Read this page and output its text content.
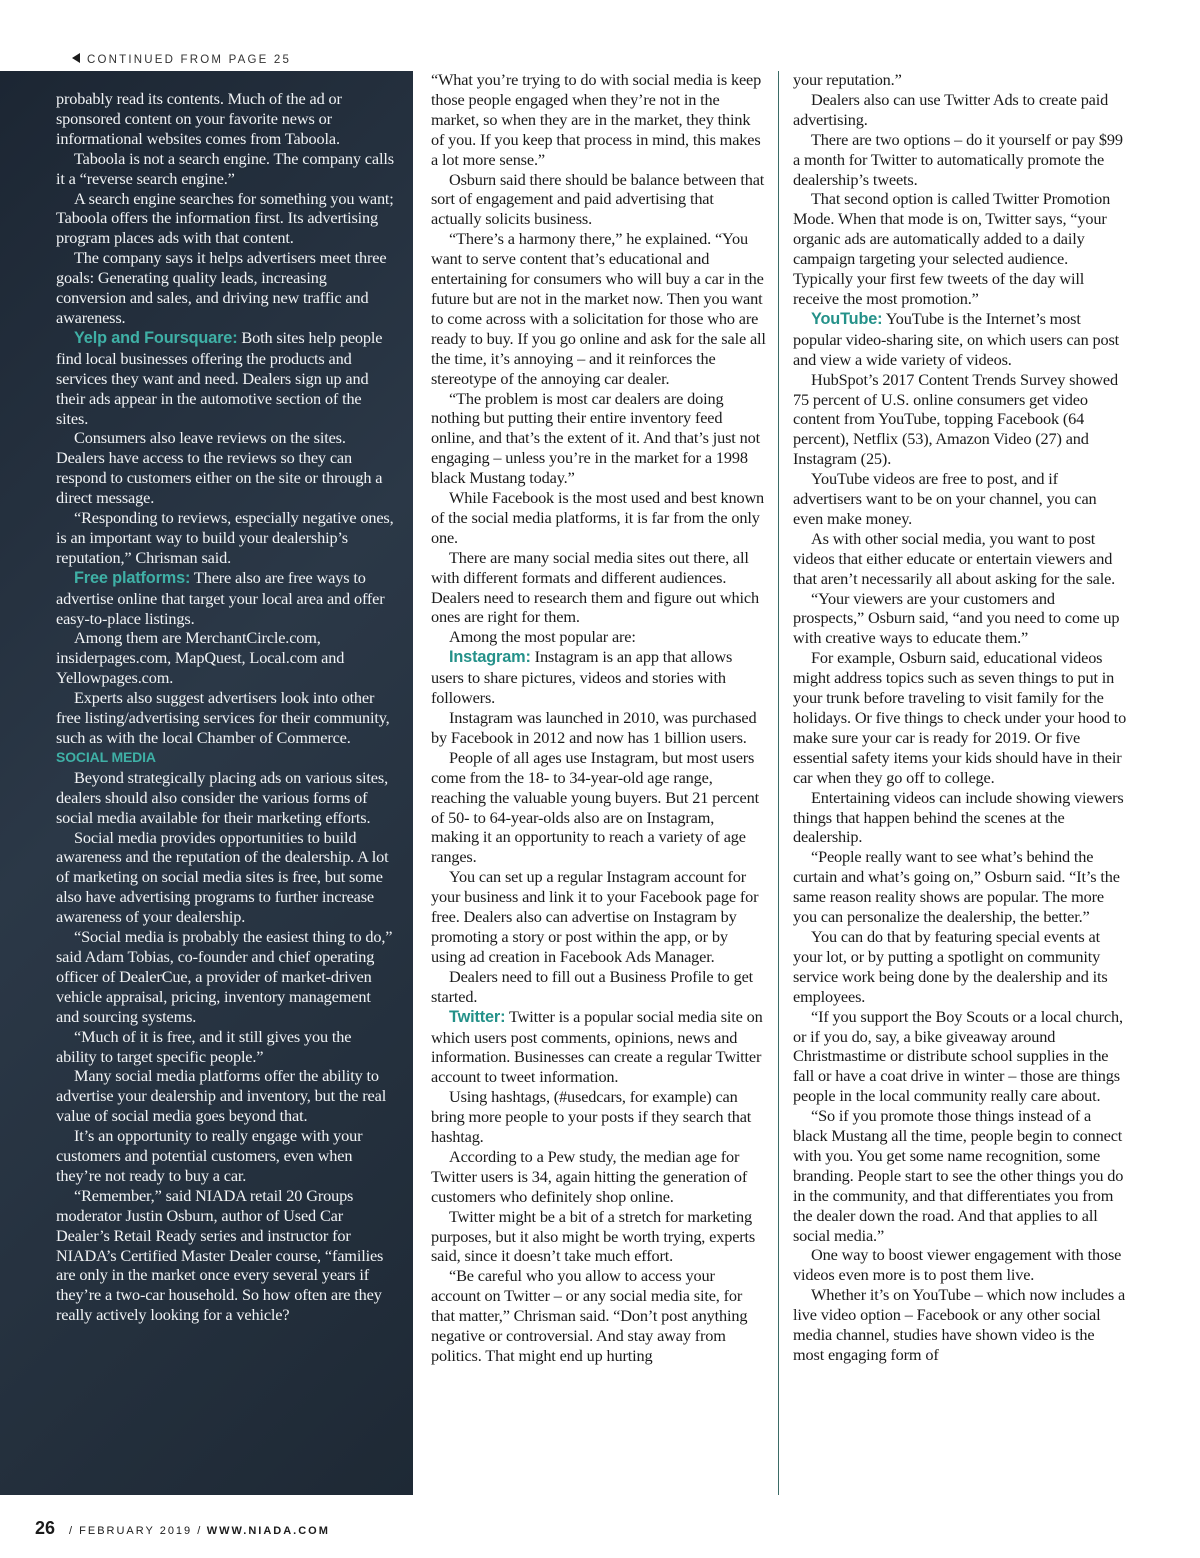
CONTINUED FROM PAGE 25

probably read its contents. Much of the ad or sponsored content on your favorite news or informational websites comes from Taboola.

Taboola is not a search engine. The company calls it a “reverse search engine.”

A search engine searches for something you want; Taboola offers the information first. Its advertising program places ads with that content.

The company says it helps advertisers meet three goals: Generating quality leads, increasing conversion and sales, and driving new traffic and awareness.

Yelp and Foursquare: Both sites help people find local businesses offering the products and services they want and need. Dealers sign up and their ads appear in the automotive section of the sites.

Consumers also leave reviews on the sites. Dealers have access to the reviews so they can respond to customers either on the site or through a direct message.

“Responding to reviews, especially negative ones, is an important way to build your dealership’s reputation,” Chrisman said.

Free platforms: There also are free ways to advertise online that target your local area and offer easy-to-place listings.

Among them are MerchantCircle.com, insiderpages.com, MapQuest, Local.com and Yellowpages.com.

Experts also suggest advertisers look into other free listing/advertising services for their community, such as with the local Chamber of Commerce.

SOCIAL MEDIA

Beyond strategically placing ads on various sites, dealers should also consider the various forms of social media available for their marketing efforts.

Social media provides opportunities to build awareness and the reputation of the dealership. A lot of marketing on social media sites is free, but some also have advertising programs to further increase awareness of your dealership.

“Social media is probably the easiest thing to do,” said Adam Tobias, co-founder and chief operating officer of DealerCue, a provider of market-driven vehicle appraisal, pricing, inventory management and sourcing systems.

“Much of it is free, and it still gives you the ability to target specific people.”

Many social media platforms offer the ability to advertise your dealership and inventory, but the real value of social media goes beyond that.

It’s an opportunity to really engage with your customers and potential customers, even when they’re not ready to buy a car.

“Remember,” said NIADA retail 20 Groups moderator Justin Osburn, author of Used Car Dealer’s Retail Ready series and instructor for NIADA’s Certified Master Dealer course, “families are only in the market once every several years if they’re a two-car household. So how often are they really actively looking for a vehicle?

“What you’re trying to do with social media is keep those people engaged when they’re not in the market, so when they are in the market, they think of you. If you keep that process in mind, this makes a lot more sense.”

Osburn said there should be balance between that sort of engagement and paid advertising that actually solicits business.

“There’s a harmony there,” he explained. “You want to serve content that’s educational and entertaining for consumers who will buy a car in the future but are not in the market now. Then you want to come across with a solicitation for those who are ready to buy. If you go online and ask for the sale all the time, it’s annoying – and it reinforces the stereotype of the annoying car dealer.

“The problem is most car dealers are doing nothing but putting their entire inventory feed online, and that’s the extent of it. And that’s just not engaging – unless you’re in the market for a 1998 black Mustang today.”

While Facebook is the most used and best known of the social media platforms, it is far from the only one.

There are many social media sites out there, all with different formats and different audiences. Dealers need to research them and figure out which ones are right for them.

Among the most popular are:

Instagram: Instagram is an app that allows users to share pictures, videos and stories with followers.

Instagram was launched in 2010, was purchased by Facebook in 2012 and now has 1 billion users.

People of all ages use Instagram, but most users come from the 18- to 34-year-old age range, reaching the valuable young buyers. But 21 percent of 50- to 64-year-olds also are on Instagram, making it an opportunity to reach a variety of age ranges.

You can set up a regular Instagram account for your business and link it to your Facebook page for free. Dealers also can advertise on Instagram by promoting a story or post within the app, or by using ad creation in Facebook Ads Manager.

Dealers need to fill out a Business Profile to get started.

Twitter: Twitter is a popular social media site on which users post comments, opinions, news and information. Businesses can create a regular Twitter account to tweet information.

Using hashtags, (#usedcars, for example) can bring more people to your posts if they search that hashtag.

According to a Pew study, the median age for Twitter users is 34, again hitting the generation of customers who definitely shop online.

Twitter might be a bit of a stretch for marketing purposes, but it also might be worth trying, experts said, since it doesn’t take much effort.

“Be careful who you allow to access your account on Twitter – or any social media site, for that matter,” Chrisman said. “Don’t post anything negative or controversial. And stay away from politics. That might end up hurting

your reputation.”

Dealers also can use Twitter Ads to create paid advertising.

There are two options – do it yourself or pay $99 a month for Twitter to automatically promote the dealership’s tweets.

That second option is called Twitter Promotion Mode. When that mode is on, Twitter says, “your organic ads are automatically added to a daily campaign targeting your selected audience. Typically your first few tweets of the day will receive the most promotion.”

YouTube: YouTube is the Internet’s most popular video-sharing site, on which users can post and view a wide variety of videos.

HubSpot’s 2017 Content Trends Survey showed 75 percent of U.S. online consumers get video content from YouTube, topping Facebook (64 percent), Netflix (53), Amazon Video (27) and Instagram (25).

YouTube videos are free to post, and if advertisers want to be on your channel, you can even make money.

As with other social media, you want to post videos that either educate or entertain viewers and that aren’t necessarily all about asking for the sale.

“Your viewers are your customers and prospects,” Osburn said, “and you need to come up with creative ways to educate them.”

For example, Osburn said, educational videos might address topics such as seven things to put in your trunk before traveling to visit family for the holidays. Or five things to check under your hood to make sure your car is ready for 2019. Or five essential safety items your kids should have in their car when they go off to college.

Entertaining videos can include showing viewers things that happen behind the scenes at the dealership.

“People really want to see what’s behind the curtain and what’s going on,” Osburn said. “It’s the same reason reality shows are popular. The more you can personalize the dealership, the better.”

You can do that by featuring special events at your lot, or by putting a spotlight on community service work being done by the dealership and its employees.

“If you support the Boy Scouts or a local church, or if you do, say, a bike giveaway around Christmastime or distribute school supplies in the fall or have a coat drive in winter – those are things people in the local community really care about.

“So if you promote those things instead of a black Mustang all the time, people begin to connect with you. You get some name recognition, some branding. People start to see the other things you do in the community, and that differentiates you from the dealer down the road. And that applies to all social media.”

One way to boost viewer engagement with those videos even more is to post them live.

Whether it’s on YouTube – which now includes a live video option – Facebook or any other social media channel, studies have shown video is the most engaging form of

26 / FEBRUARY 2019 / WWW.NIADA.COM
